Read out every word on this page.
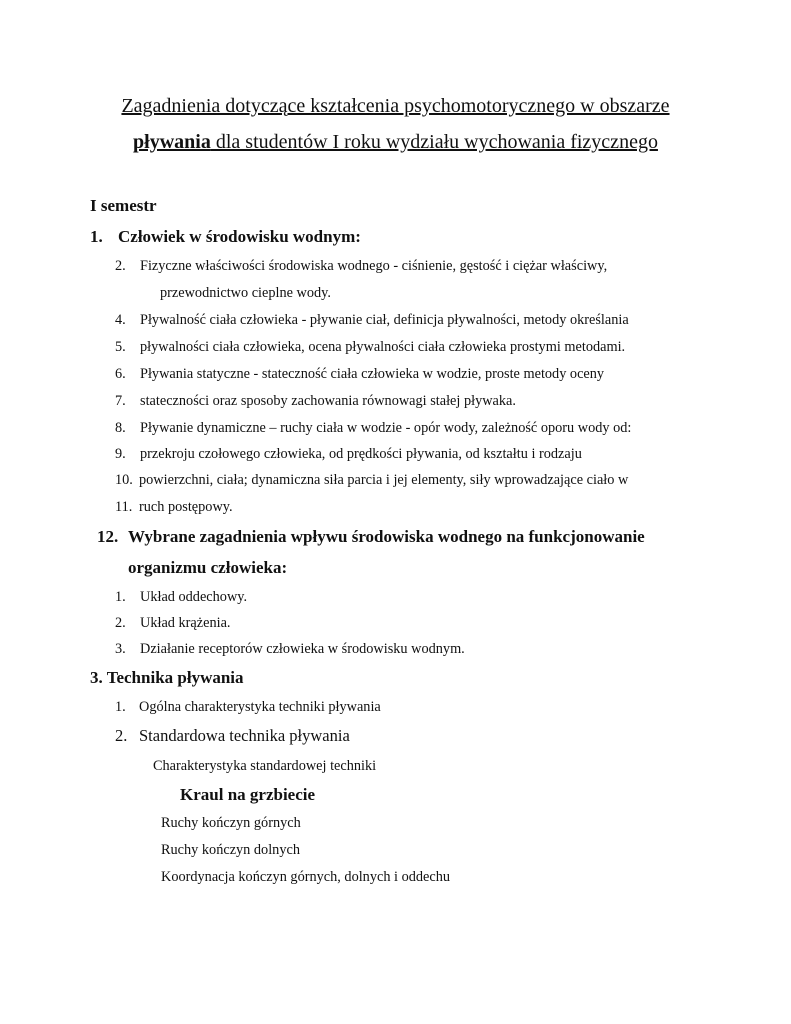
Zagadnienia dotyczące kształcenia psychomotorycznego w obszarze
pływania dla studentów I roku wydziału wychowania fizycznego
I semestr
1. Człowiek w środowisku wodnym:
2. Fizyczne właściwości środowiska wodnego - ciśnienie, gęstość i ciężar właściwy,
przewodnictwo cieplne wody.
4. Pływalność ciała człowieka - pływanie ciał, definicja pływalności, metody określania
5. pływalności ciała człowieka, ocena pływalności ciała człowieka prostymi metodami.
6. Pływania statyczne - stateczność ciała człowieka w wodzie, proste metody oceny
7. stateczności oraz sposoby zachowania równowagi stałej pływaka.
8. Pływanie dynamiczne – ruchy ciała w wodzie - opór wody, zależność oporu wody od:
9. przekroju czołowego człowieka, od prędkości pływania, od kształtu i rodzaju
10. powierzchni, ciała; dynamiczna siła parcia i jej elementy, siły wprowadzające ciało w
11. ruch postępowy.
12. Wybrane zagadnienia wpływu środowiska wodnego na funkcjonowanie
organizmu człowieka:
1. Układ oddechowy.
2. Układ krążenia.
3. Działanie receptorów człowieka w środowisku wodnym.
3. Technika pływania
1. Ogólna charakterystyka techniki pływania
2. Standardowa technika pływania
Charakterystyka standardowej techniki
Kraul na grzbiecie
Ruchy kończyn górnych
Ruchy kończyn dolnych
Koordynacja kończyn górnych, dolnych i oddechu
